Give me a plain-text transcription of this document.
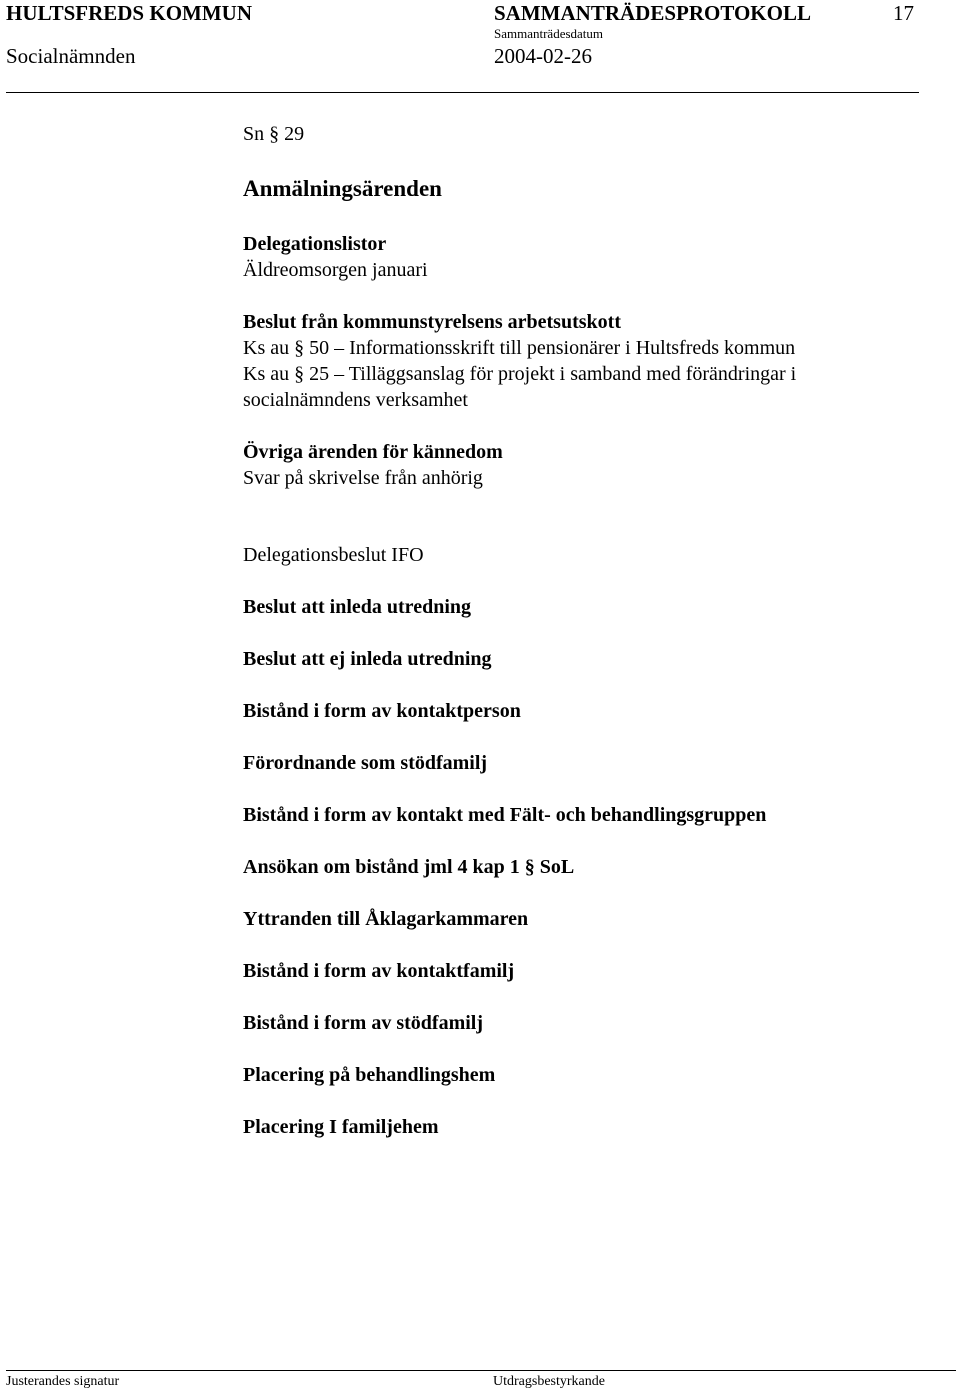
HULTSFREDS KOMMUN	SAMMANTRÄDESPROTOKOLL	17
Sammanträdesdatum
Socialnämnden	2004-02-26
Sn § 29
Anmälningsärenden
Delegationslistor
Äldreomsorgen januari
Beslut från kommunstyrelsens arbetsutskott
Ks au § 50 – Informationsskrift till pensionärer i Hultsfreds kommun
Ks au § 25 – Tilläggsanslag för projekt i samband med förändringar i
socialnämndens verksamhet
Övriga ärenden för kännedom
Svar på skrivelse från anhörig
Delegationsbeslut IFO
Beslut att inleda utredning
Beslut att ej inleda utredning
Bistånd i form av kontaktperson
Förordnande som stödfamilj
Bistånd i form av kontakt med Fält- och behandlingsgruppen
Ansökan om bistånd jml 4 kap 1 § SoL
Yttranden till Åklagarkammaren
Bistånd i form av kontaktfamilj
Bistånd i form av stödfamilj
Placering på behandlingshem
Placering I familjehem
Justerandes signatur	Utdragsbestyrkande
